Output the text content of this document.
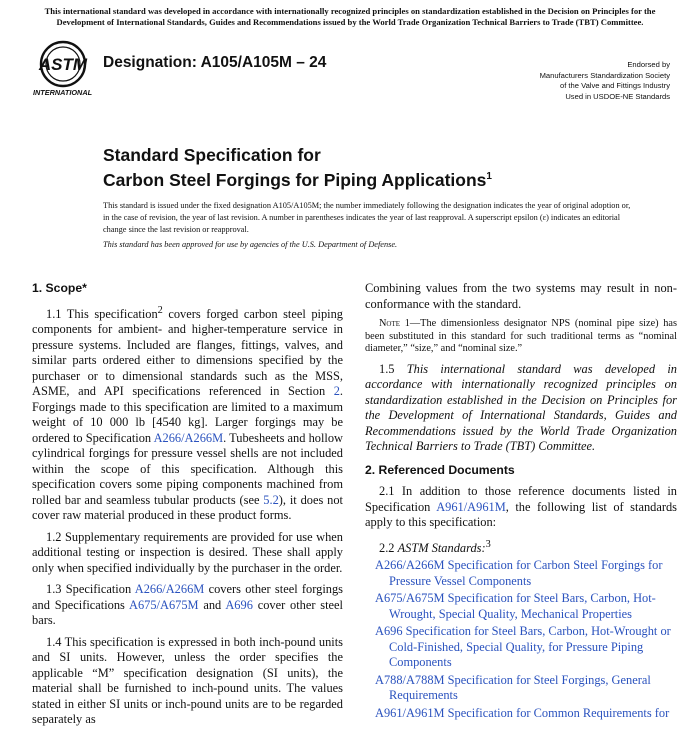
This international standard was developed in accordance with internationally recognized principles on standardization established in the Decision on Principles for the Development of International Standards, Guides and Recommendations issued by the World Trade Organization Technical Barriers to Trade (TBT) Committee.
ASTM
INTERNATIONAL
Designation: A105/A105M – 24	Endorsed by
Manufacturers Standardization Society
of the Valve and Fittings Industry
Used in USDOE-NE Standards
Standard Specification for
Carbon Steel Forgings for Piping Applications$^1$
This standard is issued under the fixed designation A105/A105M; the number immediately following the designation indicates the year of original adoption or, in the case of revision, the year of last revision. A number in parentheses indicates the year of last reapproval. A superscript epsilon (ε) indicates an editorial change since the last revision or reapproval.
This standard has been approved for use by agencies of the U.S. Department of Defense.

1. Scope*

1.1 This specification$^2$ covers forged carbon steel piping components for ambient- and higher-temperature service in pressure systems. Included are flanges, fittings, valves, and similar parts ordered either to dimensions specified by the purchaser or to dimensional standards such as the MSS, ASME, and API specifications referenced in Section 2. Forgings made to this specification are limited to a maximum weight of 10 000 lb [4540 kg]. Larger forgings may be ordered to Specification A266/A266M. Tubesheets and hollow cylindrical forgings for pressure vessel shells are not included within the scope of this specification. Although this specification covers some piping components machined from rolled bar and seamless tubular products (see 5.2), it does not cover raw material produced in these product forms.

1.2 Supplementary requirements are provided for use when additional testing or inspection is desired. These shall apply only when specified individually by the purchaser in the order.

1.3 Specification A266/A266M covers other steel forgings and Specifications A675/A675M and A696 cover other steel bars.

1.4 This specification is expressed in both inch-pound units and SI units. However, unless the order specifies the applicable “M” specification designation (SI units), the material shall be furnished to inch-pound units. The values stated in either SI units or inch-pound units are to be regarded separately as

Combining values from the two systems may result in non-conformance with the standard.

Note 1—The dimensionless designator NPS (nominal pipe size) has been substituted in this standard for such traditional terms as “nominal diameter,” “size,” and “nominal size.”

1.5 This international standard was developed in accordance with internationally recognized principles on standardization established in the Decision on Principles for the Development of International Standards, Guides and Recommendations issued by the World Trade Organization Technical Barriers to Trade (TBT) Committee.

2. Referenced Documents

2.1 In addition to those reference documents listed in Specification A961/A961M, the following list of standards apply to this specification:

2.2 ASTM Standards:$^3$

A266/A266M Specification for Carbon Steel Forgings for Pressure Vessel Components

A675/A675M Specification for Steel Bars, Carbon, Hot-Wrought, Special Quality, Mechanical Properties

A696 Specification for Steel Bars, Carbon, Hot-Wrought or Cold-Finished, Special Quality, for Pressure Piping Components

A788/A788M Specification for Steel Forgings, General Requirements

A961/A961M Specification for Common Requirements for
